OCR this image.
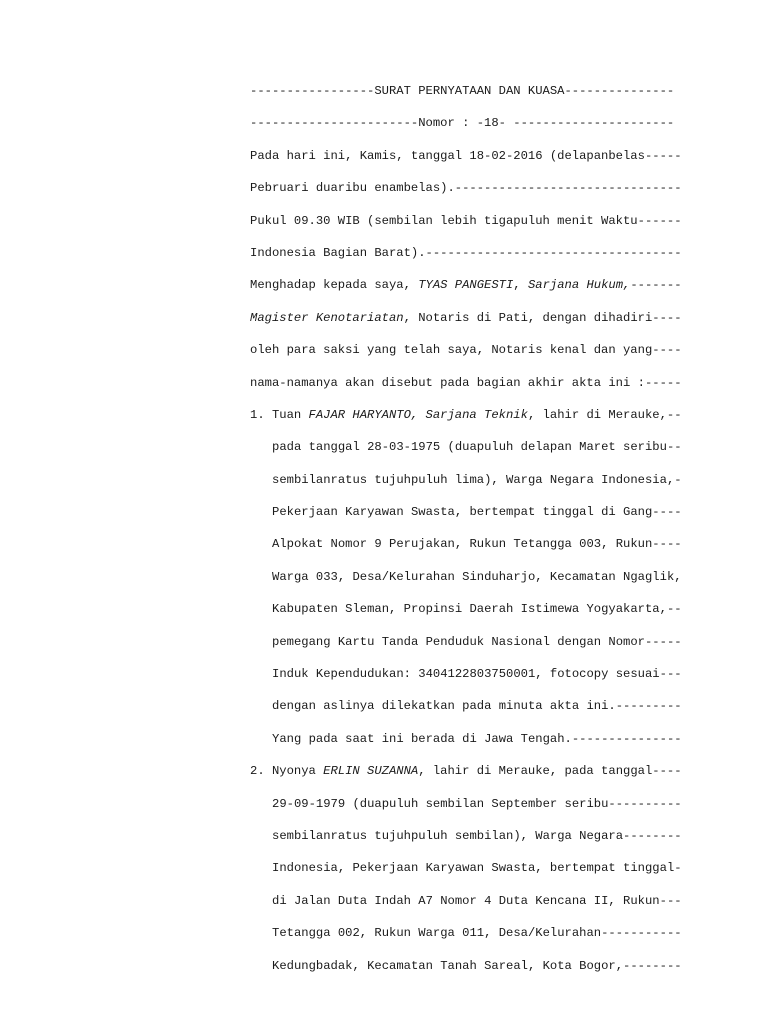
-----------------SURAT PERNYATAAN DAN KUASA---------------
-----------------------Nomor : -18- ----------------------
Pada hari ini, Kamis, tanggal 18-02-2016 (delapanbelas-----
Pebruari duaribu enambelas).-------------------------------
Pukul 09.30 WIB (sembilan lebih tigapuluh menit Waktu------
Indonesia Bagian Barat).-----------------------------------
Menghadap kepada saya, TYAS PANGESTI, Sarjana Hukum,-------
Magister Kenotariatan, Notaris di Pati, dengan dihadiri----
oleh para saksi yang telah saya, Notaris kenal dan yang----
nama-namanya akan disebut pada bagian akhir akta ini :-----
1. Tuan FAJAR HARYANTO, Sarjana Teknik, lahir di Merauke,--
pada tanggal 28-03-1975 (duapuluh delapan Maret seribu--
sembilanratus tujuhpuluh lima), Warga Negara Indonesia,-
Pekerjaan Karyawan Swasta, bertempat tinggal di Gang----
Alpokat Nomor 9 Perujakan, Rukun Tetangga 003, Rukun----
Warga 033, Desa/Kelurahan Sinduharjo, Kecamatan Ngaglik,
Kabupaten Sleman, Propinsi Daerah Istimewa Yogyakarta,--
pemegang Kartu Tanda Penduduk Nasional dengan Nomor-----
Induk Kependudukan: 3404122803750001, fotocopy sesuai---
dengan aslinya dilekatkan pada minuta akta ini.---------
Yang pada saat ini berada di Jawa Tengah.---------------
2. Nyonya ERLIN SUZANNA, lahir di Merauke, pada tanggal----
29-09-1979 (duapuluh sembilan September seribu----------
sembilanratus tujuhpuluh sembilan), Warga Negara--------
Indonesia, Pekerjaan Karyawan Swasta, bertempat tinggal-
di Jalan Duta Indah A7 Nomor 4 Duta Kencana II, Rukun---
Tetangga 002, Rukun Warga 011, Desa/Kelurahan-----------
Kedungbadak, Kecamatan Tanah Sareal, Kota Bogor,--------
